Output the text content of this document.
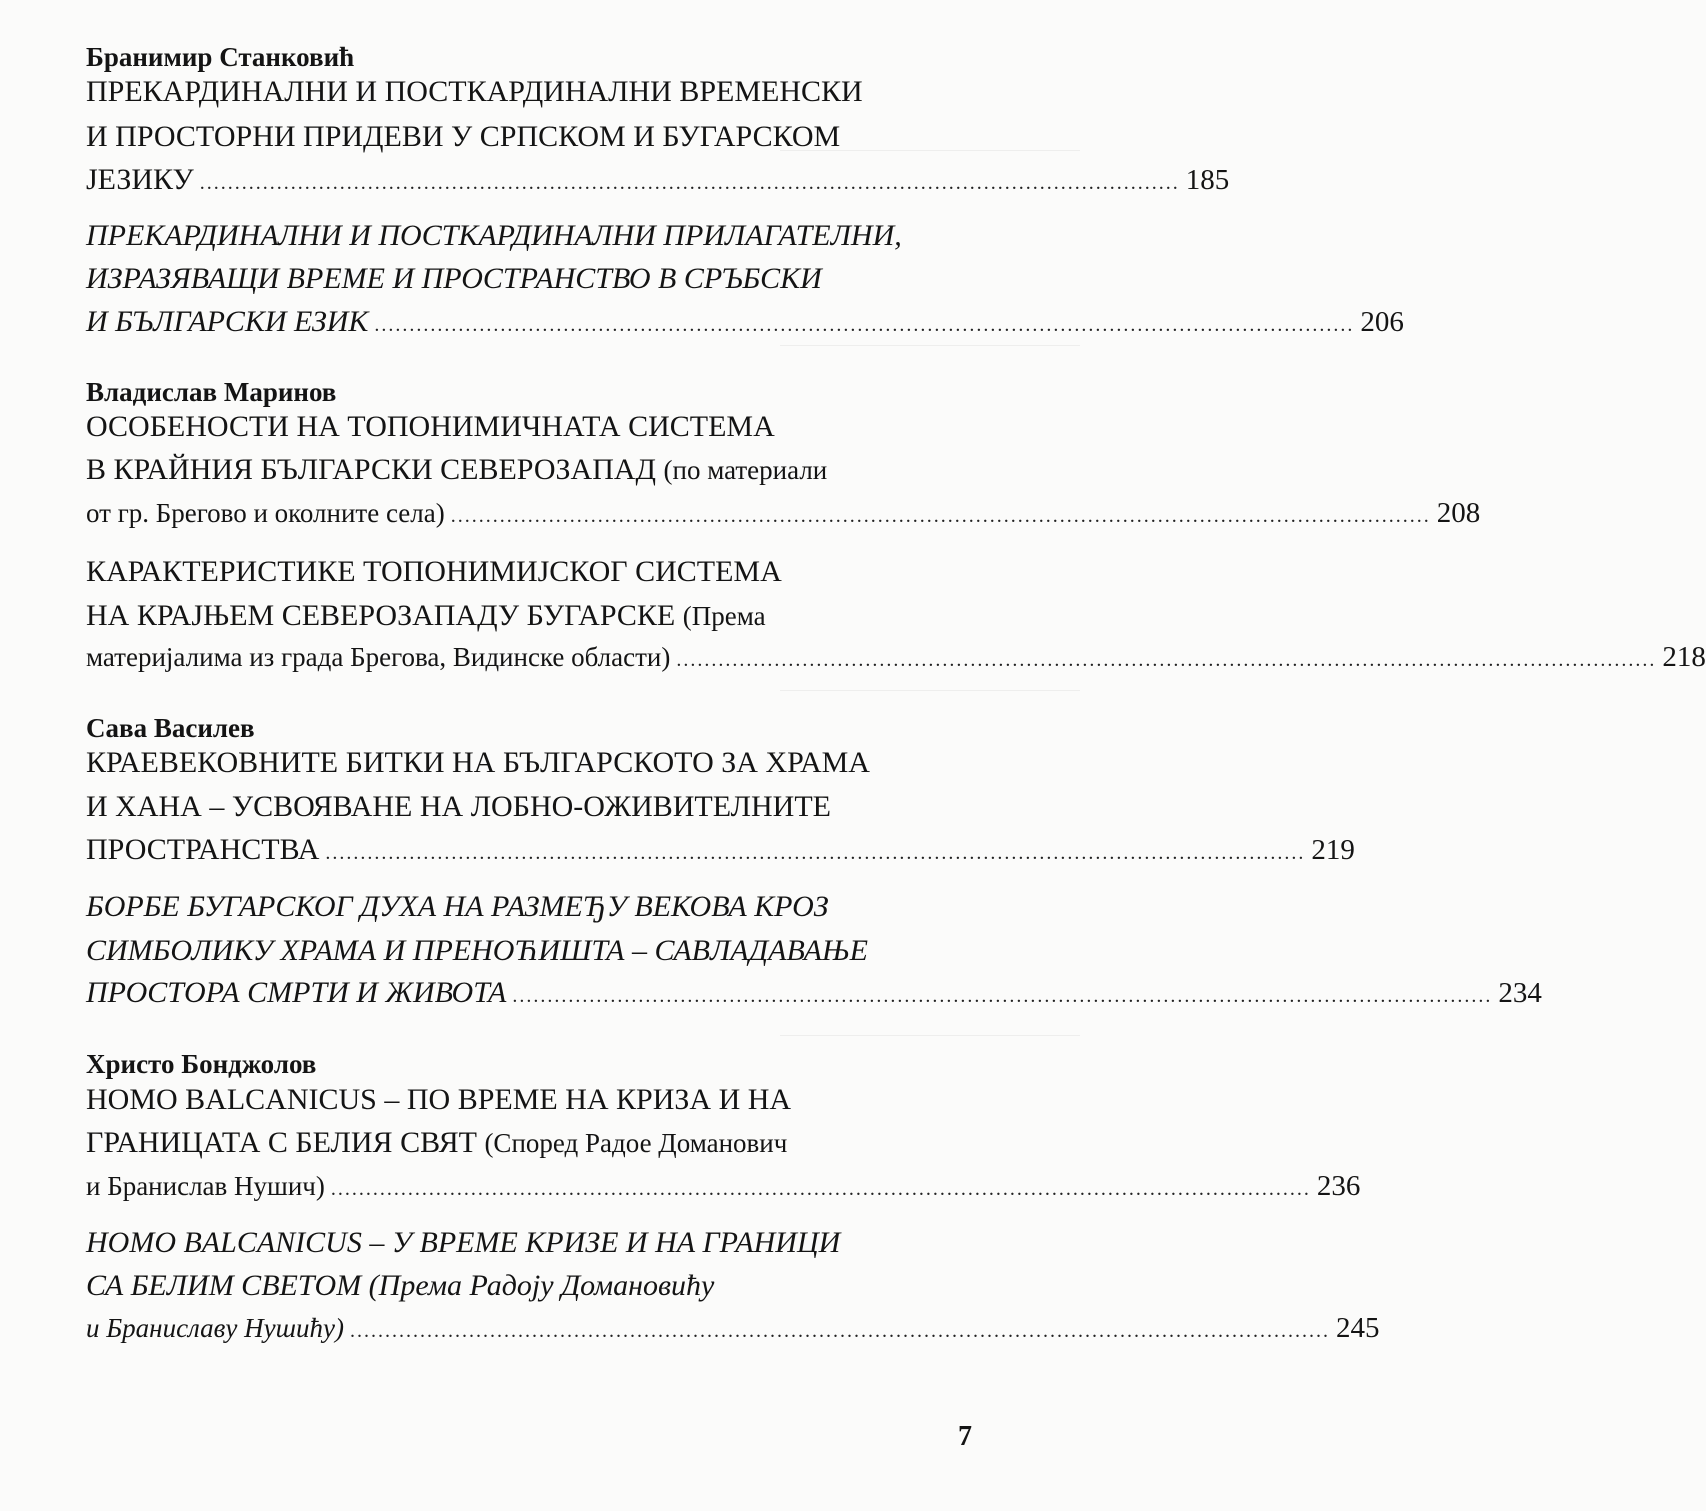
Бранимир Станковић
ПРЕКАРДИНАЛНИ И ПОСТКАРДИНАЛНИ ВРЕМЕНСКИ
И ПРОСТОРНИ ПРИДЕВИ У СРПСКОМ И БУГАРСКОМ
ЈЕЗИКУ ............................................................................................................................................ 185
ПРЕКАРДИНАЛНИ И ПОСТКАРДИНАЛНИ ПРИЛАГАТЕЛНИ,
ИЗРАЗЯВАЩИ ВРЕМЕ И ПРОСТРАНСТВО В СРЪБСКИ
И БЪЛГАРСКИ ЕЗИК ............................................................................................................................................ 206
Владислав Маринов
ОСОБЕНОСТИ НА ТОПОНИМИЧНАТА СИСТЕМА
В КРАЙНИЯ БЪЛГАРСКИ СЕВЕРОЗАПАД (по материали
от гр. Брегово и околните села) ............................................................................................................................................ 208
КАРАКТЕРИСТИКЕ ТОПОНИМИЈСКОГ СИСТЕМА
НА КРАЈЊЕМ СЕВЕРОЗАПАДУ БУГАРСКЕ (Према
материјалима из града Брегова, Видинске области) ............................................................................................................................................ 218
Сава Василев
КРАЕВЕКОВНИТЕ БИТКИ НА БЪЛГАРСКОТО ЗА ХРАМА
И ХАНА – УСВОЯВАНЕ НА ЛОБНО-ОЖИВИТЕЛНИТЕ
ПРОСТРАНСТВА ............................................................................................................................................ 219
БОРБЕ БУГАРСКОГ ДУХА НА РАЗМЕЂУ ВЕКОВА КРОЗ
СИМБОЛИКУ ХРАМА И ПРЕНОЋИШТА – САВЛАДАВАЊЕ
ПРОСТОРА СМРТИ И ЖИВОТА ............................................................................................................................................ 234
Христо Бонджолов
HOMO BALCANICUS – ПО ВРЕМЕ НА КРИЗА И НА
ГРАНИЦАТА С БЕЛИЯ СВЯТ (Според Радое Доманович
и Бранислав Нушич) ............................................................................................................................................ 236
HOMO BALCANICUS – У ВРЕМЕ КРИЗЕ И НА ГРАНИЦИ
СА БЕЛИМ СВЕТОМ (Према Радоју Домановићу
и Браниславу Нушићу) ............................................................................................................................................ 245
7
